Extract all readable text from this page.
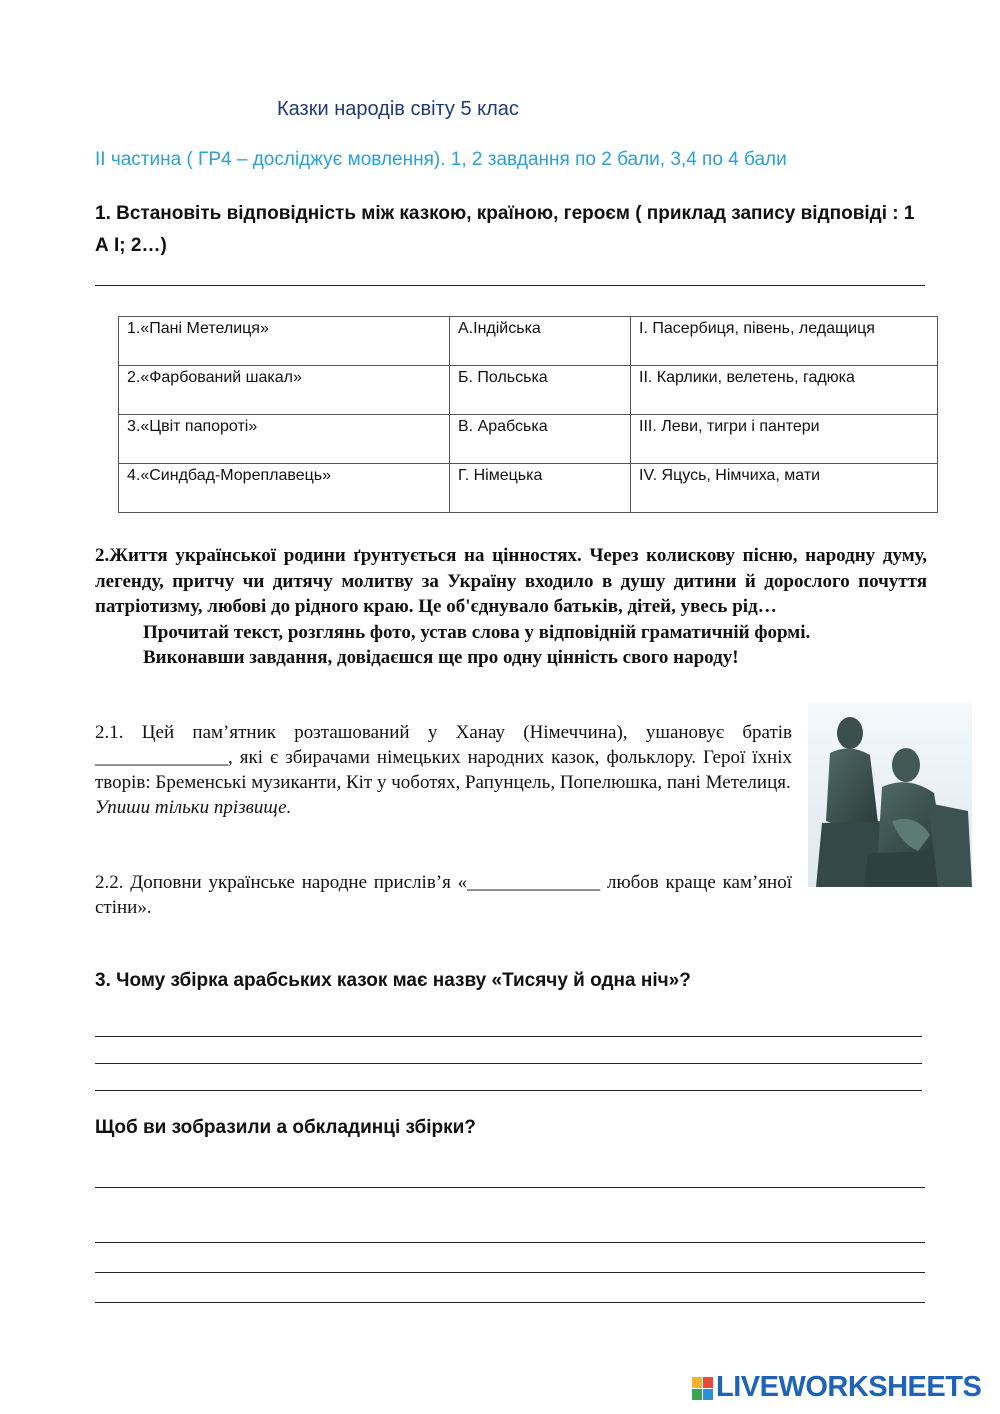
Казки народів світу 5 клас
ІІ частина ( ГР4 – досліджує мовлення). 1, 2 завдання по 2 бали, 3,4 по 4 бали
1. Встановіть відповідність між казкою, країною, героєм ( приклад запису відповіді : 1 А І; 2…)
1.«Пані Метелиця»	А.Індійська	І. Пасербиця, півень, ледащиця
2.«Фарбований шакал»	Б. Польська	ІІ. Карлики, велетень, гадюка
3.«Цвіт папороті»	В. Арабська	ІІІ. Леви, тигри і пантери
4.«Синдбад-Мореплавець»	Г. Німецька	IV. Яцусь, Німчиха, мати
2.Життя української родини ґрунтується на цінностях. Через колискову пісню, народну думу, легенду, притчу чи дитячу молитву за Україну входило в душу дитини й дорослого почуття патріотизму, любові до рідного краю. Це об'єднувало батьків, дітей, увесь рід…
Прочитай текст, розглянь фото, устав слова у відповідній граматичній формі.
Виконавши завдання, довідаєшся ще про одну цінність свого народу!
2.1. Цей пам’ятник розташований у Ханау (Німеччина), ушановує братів ______________, які є збирачами німецьких народних казок, фольклору. Герої їхніх творів: Бременські музиканти, Кіт у чоботях, Рапунцель, Попелюшка, пані Метелиця.
Упиши тільки прізвище.
2.2. Доповни українське народне прислів’я «______________ любов краще кам’яної стіни».
3. Чому збірка арабських казок має назву «Тисячу й одна ніч»?
Щоб ви зобразили а обкладинці збірки?
LIVEWORKSHEETS
